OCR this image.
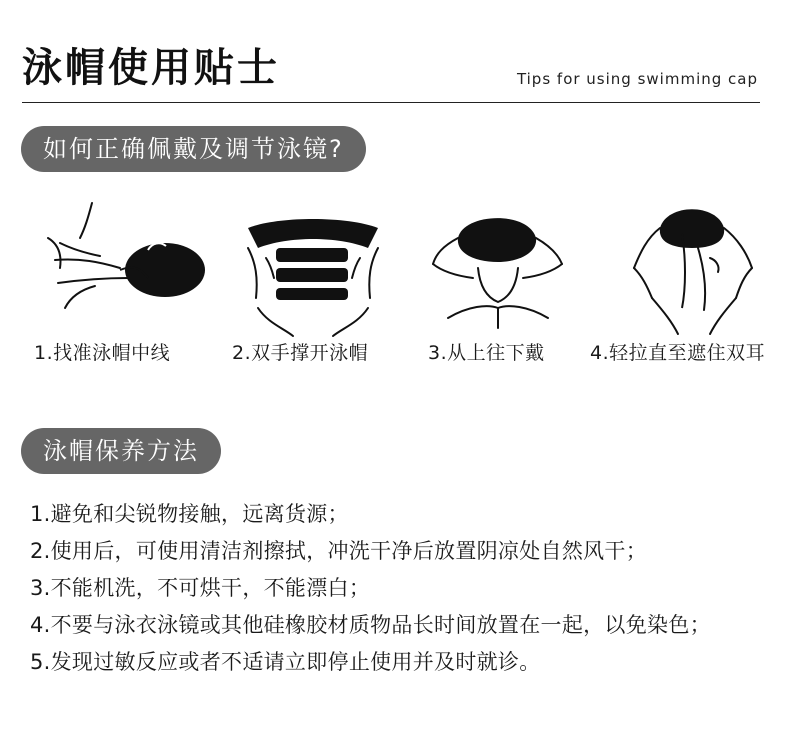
泳帽使用贴士	Tips for using swimming cap
如何正确佩戴及调节泳镜?
1.找准泳帽中线	2.双手撑开泳帽	3.从上往下戴 4.轻拉直至遮住双耳
泳帽保养方法
1.避免和尖锐物接触，远离货源；
2.使用后，可使用清洁剂擦拭，冲洗干净后放置阴凉处自然风干；
3.不能机洗，不可烘干，不能漂白；
4.不要与泳衣泳镜或其他硅橡胶材质物品长时间放置在一起，以免染色；
5.发现过敏反应或者不适请立即停止使用并及时就诊。
